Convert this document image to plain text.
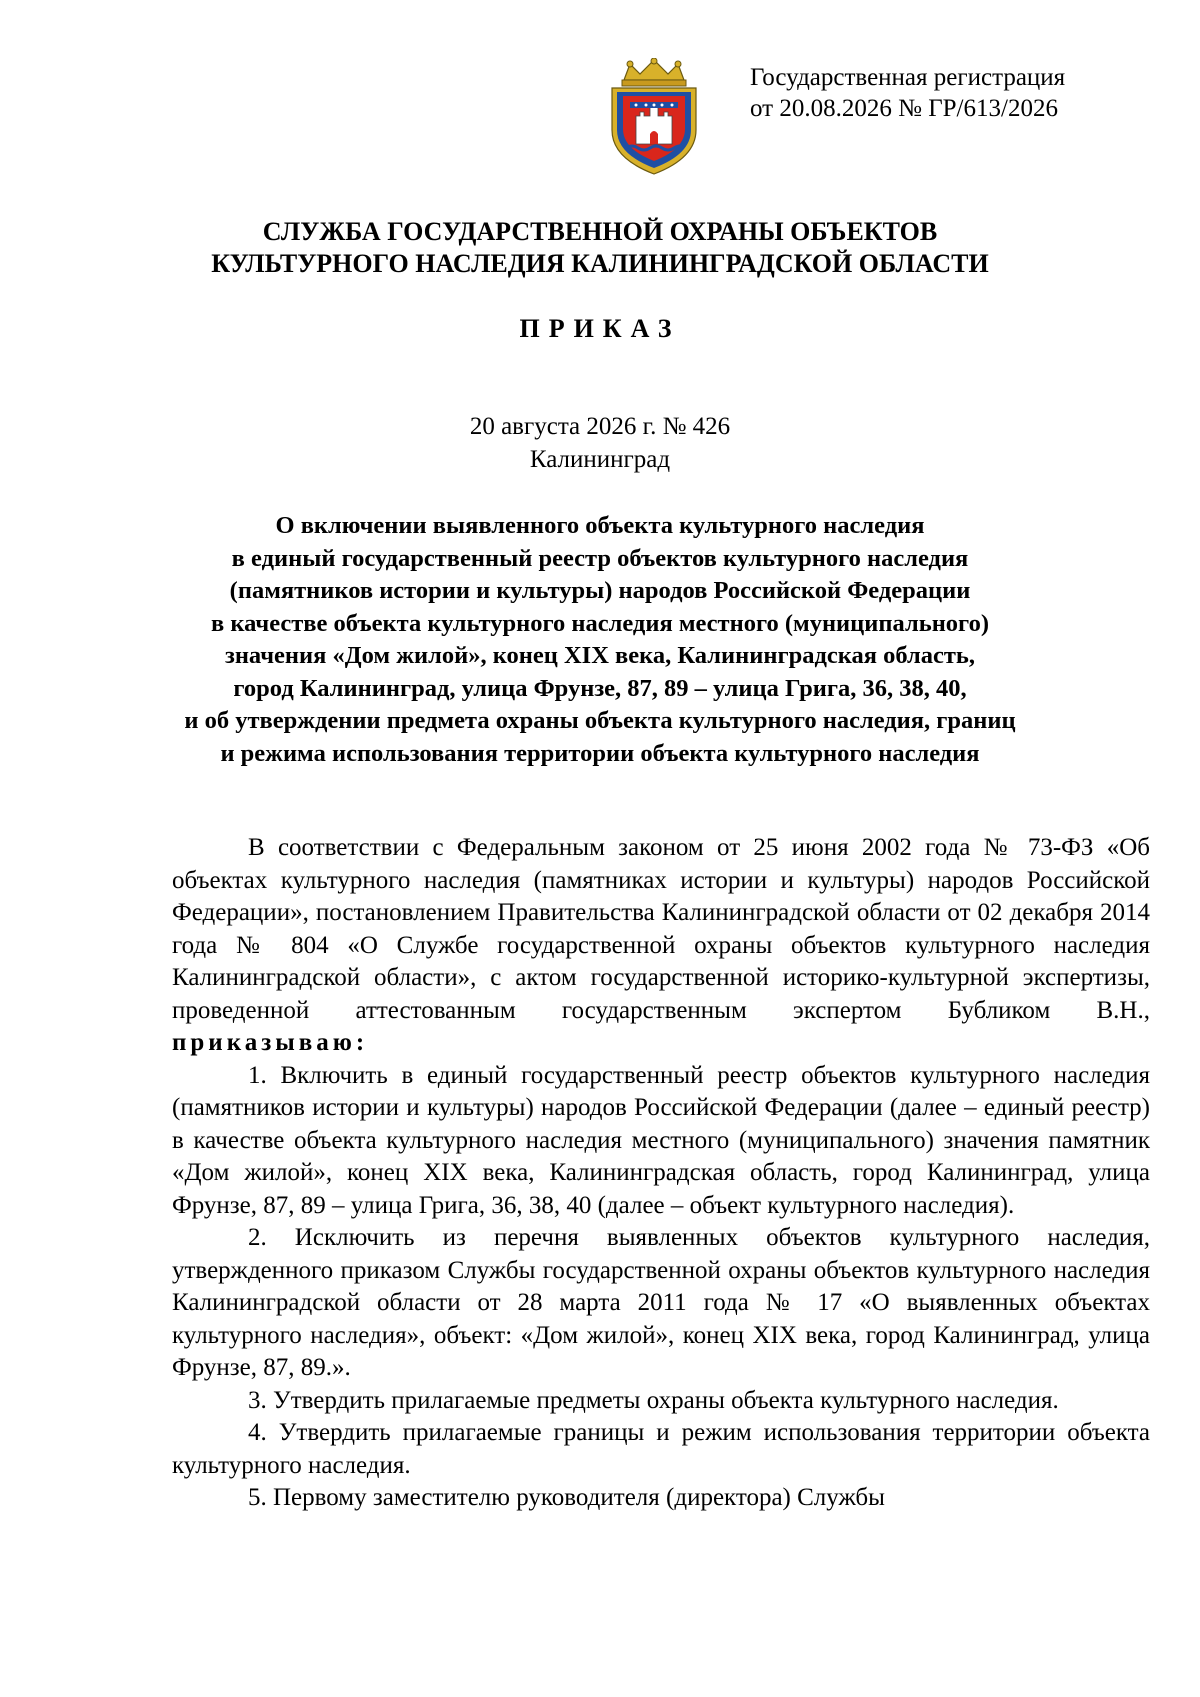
Государственная регистрация
от 20.08.2026 № ГР/613/2026
СЛУЖБА ГОСУДАРСТВЕННОЙ ОХРАНЫ ОБЪЕКТОВ
КУЛЬТУРНОГО НАСЛЕДИЯ КАЛИНИНГРАДСКОЙ ОБЛАСТИ
ПРИКАЗ
20 августа 2026 г. № 426
Калининград
О включении выявленного объекта культурного наследия
в единый государственный реестр объектов культурного наследия
(памятников истории и культуры) народов Российской Федерации
в качестве объекта культурного наследия местного (муниципального)
значения «Дом жилой», конец XIX века, Калининградская область,
город Калининград, улица Фрунзе, 87, 89 – улица Грига, 36, 38, 40,
и об утверждении предмета охраны объекта культурного наследия, границ
и режима использования территории объекта культурного наследия

В соответствии с Федеральным законом от 25 июня 2002 года № 73-ФЗ «Об объектах культурного наследия (памятниках истории и культуры) народов Российской Федерации», постановлением Правительства Калининградской области от 02 декабря 2014 года № 804 «О Службе государственной охраны объектов культурного наследия Калининградской области», с актом государственной историко-культурной экспертизы, проведенной аттестованным государственным экспертом Бубликом В.Н., приказываю:

1. Включить в единый государственный реестр объектов культурного наследия (памятников истории и культуры) народов Российской Федерации (далее – единый реестр) в качестве объекта культурного наследия местного (муниципального) значения памятник «Дом жилой», конец XIX века, Калининградская область, город Калининград, улица Фрунзе, 87, 89 – улица Грига, 36, 38, 40 (далее – объект культурного наследия).

2. Исключить из перечня выявленных объектов культурного наследия, утвержденного приказом Службы государственной охраны объектов культурного наследия Калининградской области от 28 марта 2011 года № 17 «О выявленных объектах культурного наследия», объект: «Дом жилой», конец XIX века, город Калининград, улица Фрунзе, 87, 89.».

3. Утвердить прилагаемые предметы охраны объекта культурного наследия.

4. Утвердить прилагаемые границы и режим использования территории объекта культурного наследия.

5. Первому заместителю руководителя (директора) Службы
